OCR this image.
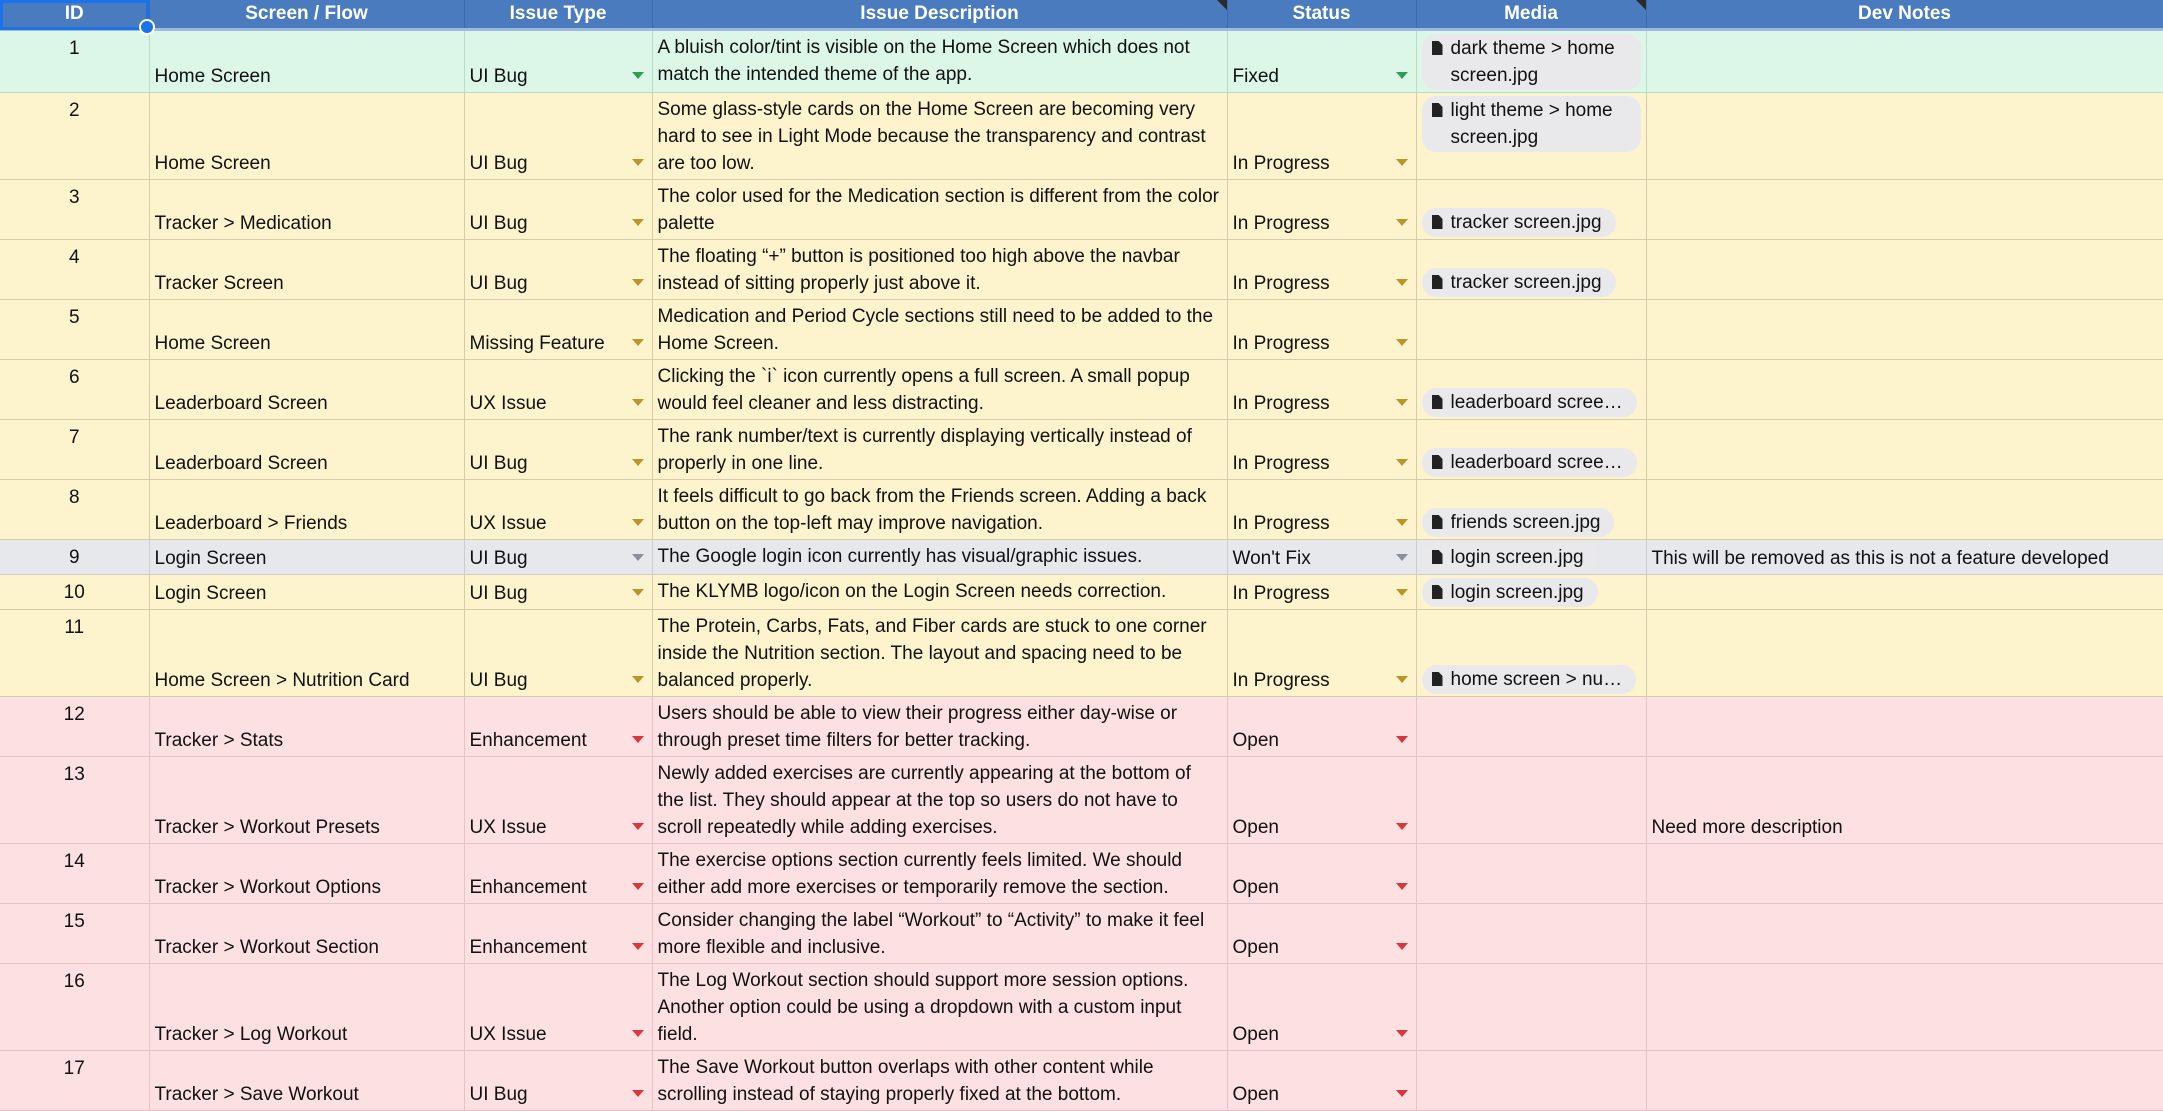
ID	Screen / Flow	Issue Type	Issue Description	Status	Media	Dev Notes
1	Home Screen	UI Bug	A bluish color/tint is visible on the Home Screen which does not match the intended theme of the app.	Fixed	dark theme > home screen.jpg	

2	Home Screen	UI Bug	Some glass-style cards on the Home Screen are becoming very hard to see in Light Mode because the transparency and contrast are too low.	In Progress	light theme > home screen.jpg	

3	Tracker > Medication	UI Bug	The color used for the Medication section is different from the color palette	In Progress	tracker screen.jpg	

4	Tracker Screen	UI Bug	The floating “+” button is positioned too high above the navbar instead of sitting properly just above it.	In Progress	tracker screen.jpg	

5	Home Screen	Missing Feature	Medication and Period Cycle sections still need to be added to the Home Screen.	In Progress

6	Leaderboard Screen	UX Issue	Clicking the `i` icon currently opens a full screen. A small popup would feel cleaner and less distracting.	In Progress	leaderboard scree…	

7	Leaderboard Screen	UI Bug	The rank number/text is currently displaying vertically instead of properly in one line.	In Progress	leaderboard scree…	

8	Leaderboard > Friends	UX Issue	It feels difficult to go back from the Friends screen. Adding a back button on the top-left may improve navigation.	In Progress	friends screen.jpg	

9	Login Screen	UI Bug	The Google login icon currently has visual/graphic issues.	Won't Fix	login screen.jpg	This will be removed as this is not a feature developed
10	Login Screen	UI Bug	The KLYMB logo/icon on the Login Screen needs correction.	In Progress	login screen.jpg	

11	Home Screen > Nutrition Card	UI Bug	The Protein, Carbs, Fats, and Fiber cards are stuck to one corner inside the Nutrition section. The layout and spacing need to be balanced properly.	In Progress	home screen > nu…	

12	Tracker > Stats	Enhancement	Users should be able to view their progress either day-wise or through preset time filters for better tracking.	Open

13	Tracker > Workout Presets	UX Issue	Newly added exercises are currently appearing at the bottom of the list. They should appear at the top so users do not have to scroll repeatedly while adding exercises.	Open		Need more description
14	Tracker > Workout Options	Enhancement	The exercise options section currently feels limited. We should either add more exercises or temporarily remove the section.	Open

15	Tracker > Workout Section	Enhancement	Consider changing the label “Workout” to “Activity” to make it feel more flexible and inclusive.	Open

16	Tracker > Log Workout	UX Issue	The Log Workout section should support more session options. Another option could be using a dropdown with a custom input field.	Open

17	Tracker > Save Workout	UI Bug	The Save Workout button overlaps with other content while scrolling instead of staying properly fixed at the bottom.	Open
